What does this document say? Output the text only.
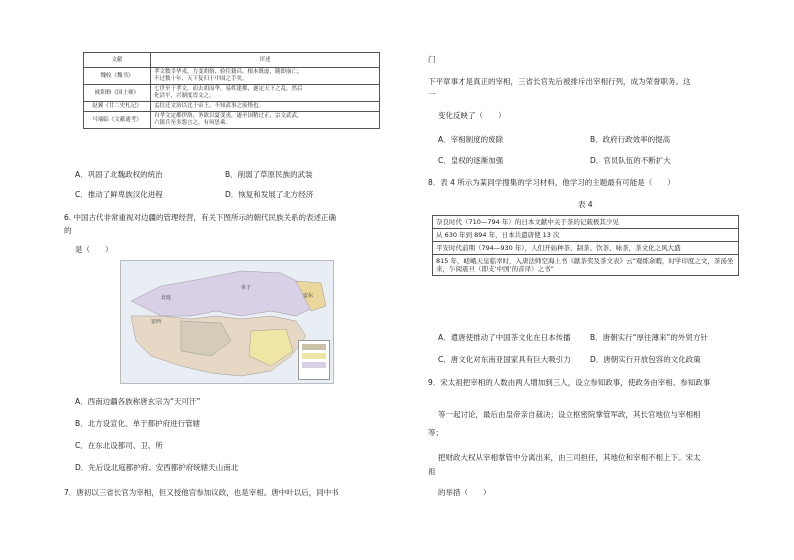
文献	评述
魏收《魏书》	孝文数幸华戎，力变胡俗，验往籍昌，根本既虚，随即崩亡，
不过数十年，天下复归于中国之手矣。

欧阳修《国士赛》	七世至于孝文，而去胡而华，易姓建都，遂定天下之乱，然后
化洽平，兴制度焉文之。

赵翼《廿二史札记》	孟拄迁文治以比于帝王，不知武事之废惰也。

马端临《文献通考》	自孝文定都伊洛，务欲以夏变夷，遂至国稍过正，宗文武武，
六镇兵至多怨言之，有何思乘。
A．巩固了北魏政权的统治	B．削弱了草原民族的武装
C．推动了鲜卑族汉化进程	D．恢复和发展了北方经济
6. 中国古代非常重视对边疆的管理经营，有关下图所示的朝代民族关系的表述正确
的
是（　　）
北庭
安西
单于
安东
A．西南边疆各族称唐玄宗为“天可汗”
B．北方设宣化、单于都护府进行管辖
C．在东北设都司、卫、所
D．先后设北庭都护府、安西都护府统辖天山南北
7．唐初以三省长官为宰相，但又授他官参加议政，也是宰相。唐中叶以后，同中书
门
下平章事才是真正的宰相，三省长官先后被排斥出宰相行列，成为荣誉职务。这
一
变化反映了（　　）
A．宰相制度的废除	B．政府行政效率的提高
C．皇权的逐渐加强	D．官员队伍的不断扩大
8．表 4 所示为某同学搜集的学习材料，他学习的主题最有可能是（　　）
表 4
奈良时代（710—794 年）的日本文献中关于茶的记载极其少见
从 630 年到 894 年，日本共遣唐使 13 次
平安时代前期（794—930 年），人们开始种茶、制茶、饮茶、咏茶，茶文化之风大盛
815 年，嵯峨天皇临幸时，入唐法师空海上书《献茶奖及茶文表》云“观练余暇，时学印度之文，茶汤坐来，乍阅震旦（即支‘中国’的音译）之书”
A．遣唐使推动了中国茶文化在日本传播	B．唐朝实行“厚往薄来”的外贸方针
C．唐文化对东南亚国家具有巨大吸引力	D．唐朝实行开放包容的文化政策
9．宋太祖把宰相的人数由两人增加到三人，设立参知政事，使政务由宰相、参知政事
等一起讨论，最后由皇帝亲自裁决；设立枢密院掌管军政，其长官地位与宰相相
等；
把财政大权从宰相掌管中分离出来，由三司担任，其地位和宰相不相上下。宋太
祖
的举措（　　）
